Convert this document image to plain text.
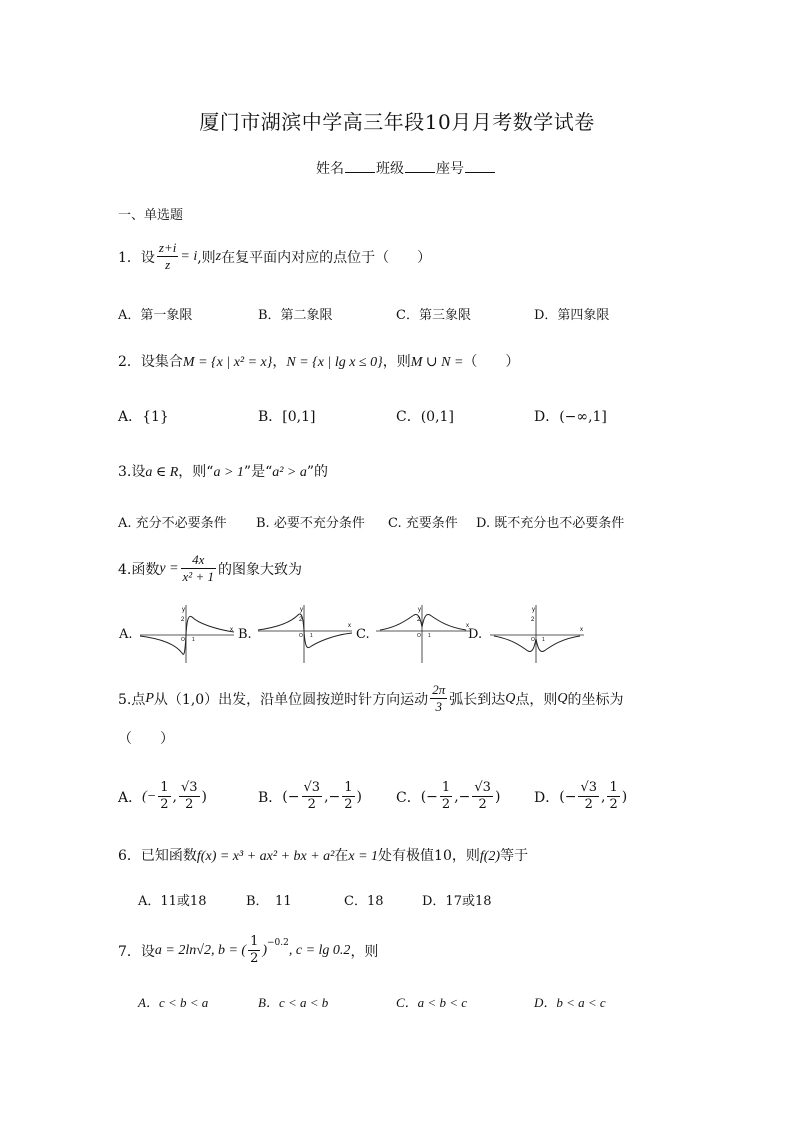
厦门市湖滨中学高三年段10月月考数学试卷
姓名 班级 座号
一、单选题
1．设 $\frac{z+i}{z} = i$ ,则 z 在复平面内对应的点位于（　　）
A．第一象限	B．第二象限	C．第三象限	D．第四象限
2．设集合M = {x | x² = x}，N = {x | lg x ≤ 0}，则M ∪ N =（　　）
A．{1}	B．[0,1]	C．(0,1]	D．(−∞,1]
3.设a ∈ R，则“a > 1”是“a² > a”的
A. 充分不必要条件 B. 必要不充分条件 C. 充要条件 D. 既不充分也不必要条件
4.函数 $y = \frac{4x}{\text{x² + 1}}$ 的图象大致为
A.
y
2
O 1
x B.
y
2
O 1
x
C.
y
2
O 1
x
D.
y
2
O 1
x
5.点 P 从（1,0）出发，沿单位圆按逆时针方向运动 $\frac{2\pi}{3}$ 弧长到达 Q 点，则 Q 的坐标为
（　　）
A． (− $\frac{1}{2}$ , $\frac{√3}{2}$ )	B． (− $\frac{√3}{2}$ ,− $\frac{1}{2}$ ) C． (− $\frac{1}{2}$ ,− $\frac{√3}{2}$ ) D． (− $\frac{√3}{2}$ , $\frac{1}{2}$ )
6．已知函数f(x) = x³ + ax² + bx + a²在x = 1处有极值10，则f(2)等于
A．11或18	B．　11	C．18	D．17或18
7．设 a = 2ln√2, b = ( $\frac{1}{2} )^{-0.2}$ , c = lg 0.2 ，则
A．c < b < a	B．c < a < b	C．a < b < c	D．b < a < c
